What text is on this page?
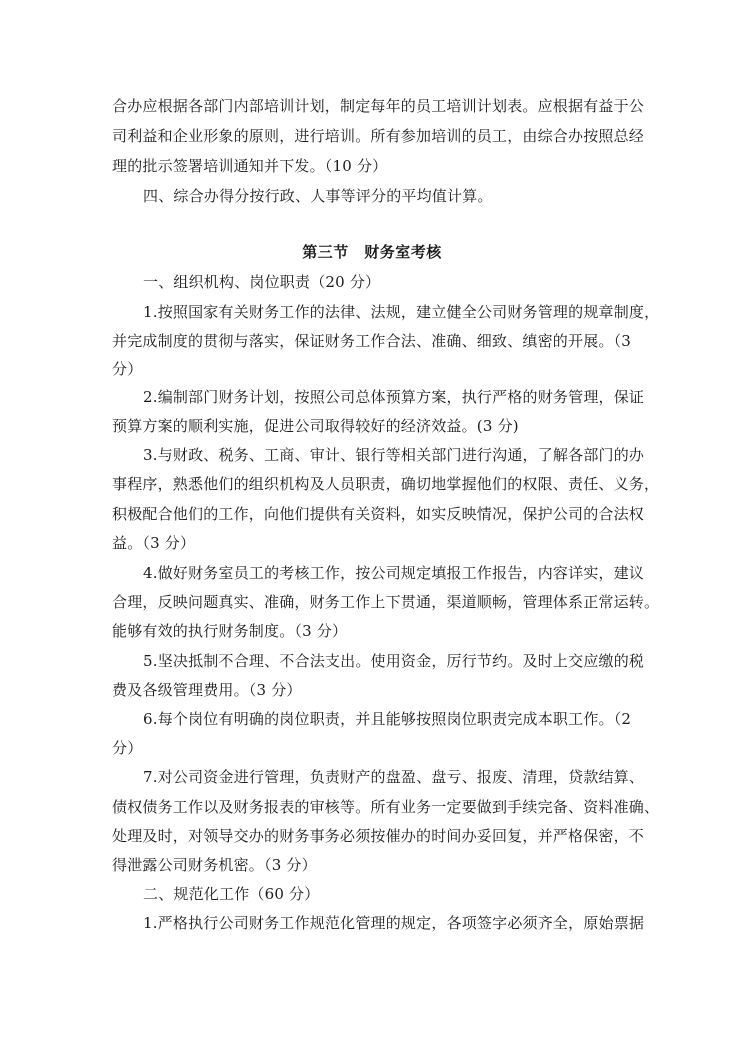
合办应根据各部门内部培训计划，制定每年的员工培训计划表。应根据有益于公
司利益和企业形象的原则，进行培训。所有参加培训的员工，由综合办按照总经
理的批示签署培训通知并下发。（10 分）
四、综合办得分按行政、人事等评分的平均值计算。
第三节　财务室考核
一、组织机构、岗位职责（20 分）
1.按照国家有关财务工作的法律、法规，建立健全公司财务管理的规章制度，
并完成制度的贯彻与落实，保证财务工作合法、准确、细致、缜密的开展。（3
分）
2.编制部门财务计划，按照公司总体预算方案，执行严格的财务管理，保证
预算方案的顺利实施，促进公司取得较好的经济效益。(3 分)
3.与财政、税务、工商、审计、银行等相关部门进行沟通，了解各部门的办
事程序，熟悉他们的组织机构及人员职责，确切地掌握他们的权限、责任、义务，
积极配合他们的工作，向他们提供有关资料，如实反映情况，保护公司的合法权
益。（3 分）
4.做好财务室员工的考核工作，按公司规定填报工作报告，内容详实，建议
合理，反映问题真实、准确，财务工作上下贯通，渠道顺畅，管理体系正常运转。
能够有效的执行财务制度。（3 分）
5.坚决抵制不合理、不合法支出。使用资金，厉行节约。及时上交应缴的税
费及各级管理费用。（3 分）
6.每个岗位有明确的岗位职责，并且能够按照岗位职责完成本职工作。（2
分）
7.对公司资金进行管理，负责财产的盘盈、盘亏、报废、清理，贷款结算、
债权债务工作以及财务报表的审核等。所有业务一定要做到手续完备、资料准确、
处理及时，对领导交办的财务事务必须按催办的时间办妥回复，并严格保密，不
得泄露公司财务机密。（3 分）
二、规范化工作（60 分）
1.严格执行公司财务工作规范化管理的规定，各项签字必须齐全，原始票据
